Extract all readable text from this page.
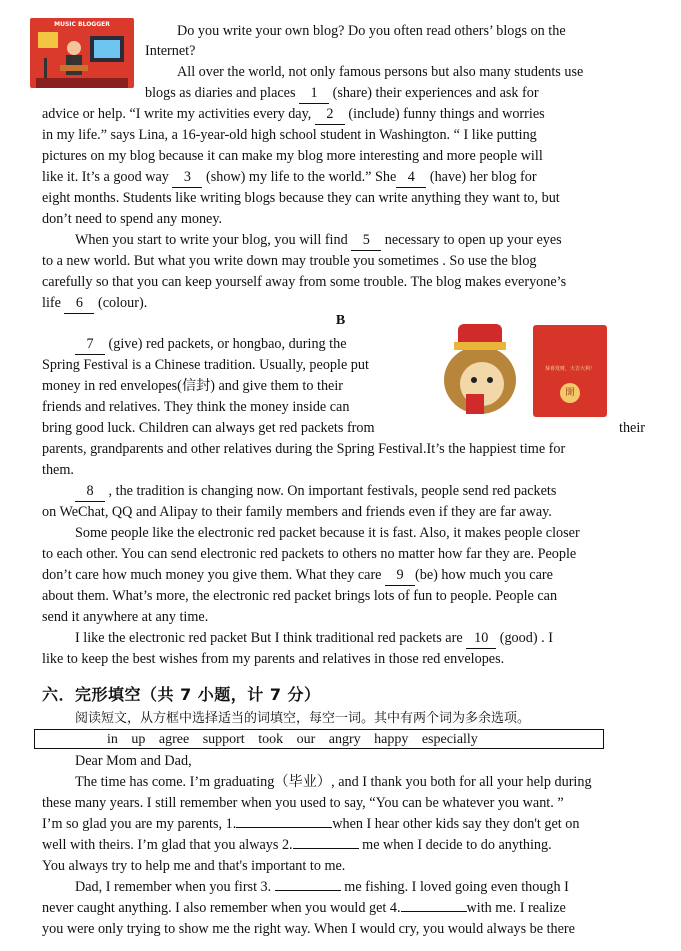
MUSIC BLOGGER	Do you write your own blog? Do you often read others’ blogs on the
Internet?
All over the world, not only famous persons but also many students use
blogs as diaries and places 1 (share) their experiences and ask for
advice or help. “I write my activities every day, 2 (include) funny things and worries
in my life.” says Lina, a 16-year-old high school student in Washington. “ I like putting
pictures on my blog because it can make my blog more interesting and more people will
like it. It’s a good way 3 (show) my life to the world.” She 4 (have) her blog for
eight months. Students like writing blogs because they can write anything they want to, but
don’t need to spend any money.
When you start to write your blog, you will find 5 necessary to open up your eyes
to a new world. But what you write down may trouble you sometimes . So use the blog
carefully so that you can keep yourself away from some trouble. The blog makes everyone’s
life 6 (colour).
B
恭喜发财，大吉大利！
開
7 (give) red packets, or hongbao, during the
Spring Festival is a Chinese tradition. Usually, people put
money in red envelopes(信封) and give them to their
friends and relatives. They think the money inside can
bring good luck. Children can always get red packets from	their
parents, grandparents and other relatives during the Spring Festival.It’s the happiest time for
them.
8 , the tradition is changing now. On important festivals, people send red packets
on WeChat, QQ and Alipay to their family members and friends even if they are far away.
Some people like the electronic red packet because it is fast. Also, it makes people closer
to each other. You can send electronic red packets to others no matter how far they are. People
don’t care how much money you give them. What they care 9 (be) how much you care
about them. What’s more, the electronic red packet brings lots of fun to people. People can
send it anywhere at any time.
I like the electronic red packet But I think traditional red packets are 10 (good) . I
like to keep the best wishes from my parents and relatives in those red envelopes.
六．完形填空（共 7 小题，计 7 分）
阅读短文，从方框中选择适当的词填空，每空一词。其中有两个词为多余选项。
in up agree support took our angry happy especially
Dear Mom and Dad,
The time has come. I’m graduating（毕业）, and I thank you both for all your help during
these many years. I still remember when you used to say, “You can be whatever you want. ”
I’m so glad you are my parents, 1.	when I hear other kids say they don't get on
well with theirs. I’m glad that you always 2.	me when I decide to do anything.
You always try to help me and that's important to me.
Dad, I remember when you first 3.	me fishing. I loved going even though I
never caught anything. I also remember when you would get 4.	with me. I realize
you were only trying to show me the right way. When I would cry, you would always be there
